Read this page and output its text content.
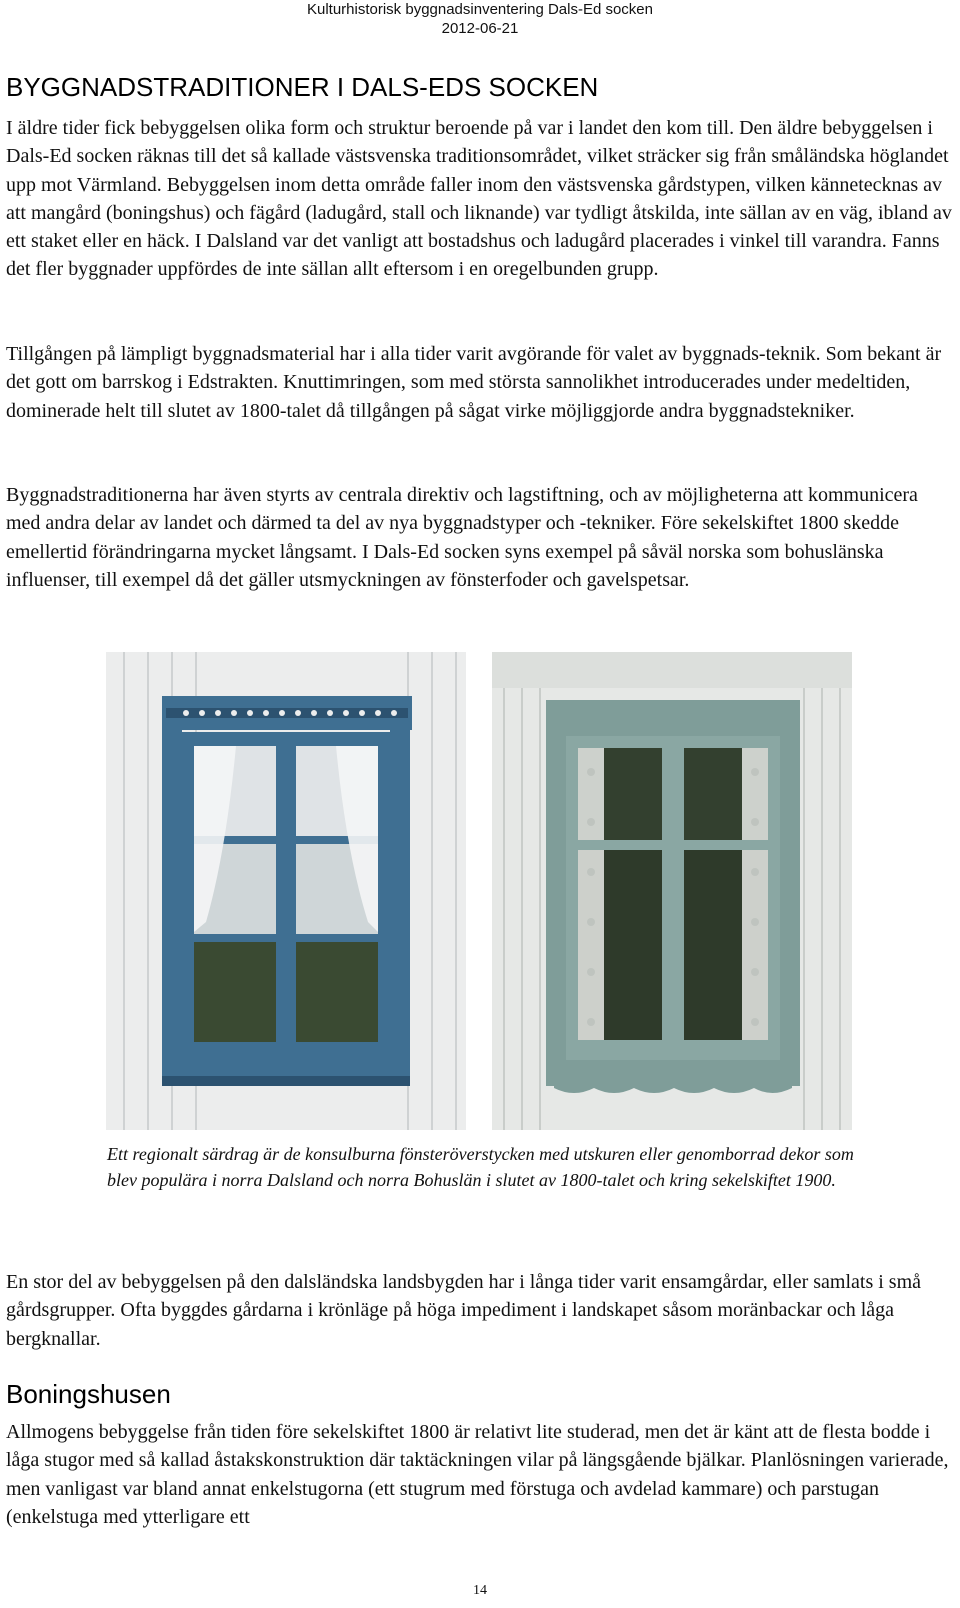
Kulturhistorisk byggnadsinventering Dals-Ed socken
2012-06-21
BYGGNADSTRADITIONER I DALS-EDS SOCKEN

I äldre tider fick bebyggelsen olika form och struktur beroende på var i landet den kom till. Den äldre bebyggelsen i Dals-Ed socken räknas till det så kallade västsvenska traditionsområdet, vilket sträcker sig från småländska höglandet upp mot Värmland. Bebyggelsen inom detta område faller inom den västsvenska gårdstypen, vilken kännetecknas av att mangård (boningshus) och fägård (ladugård, stall och liknande) var tydligt åtskilda, inte sällan av en väg, ibland av ett staket eller en häck. I Dalsland var det vanligt att bostadshus och ladugård placerades i vinkel till varandra. Fanns det fler byggnader uppfördes de inte sällan allt eftersom i en oregelbunden grupp.

Tillgången på lämpligt byggnadsmaterial har i alla tider varit avgörande för valet av byggnads-teknik. Som bekant är det gott om barrskog i Edstrakten. Knuttimringen, som med största sannolikhet introducerades under medeltiden, dominerade helt till slutet av 1800-talet då tillgången på sågat virke möjliggjorde andra byggnadstekniker.

Byggnadstraditionerna har även styrts av centrala direktiv och lagstiftning, och av möjligheterna att kommunicera med andra delar av landet och därmed ta del av nya byggnadstyper och -tekniker. Före sekelskiftet 1800 skedde emellertid förändringarna mycket långsamt. I Dals-Ed socken syns exempel på såväl norska som bohuslänska influenser, till exempel då det gäller utsmyckningen av fönsterfoder och gavelspetsar.

Ett regionalt särdrag är de konsulburna fönsteröverstycken med utskuren eller genomborrad dekor som blev populära i norra Dalsland och norra Bohuslän i slutet av 1800-talet och kring sekelskiftet 1900.

En stor del av bebyggelsen på den dalsländska landsbygden har i långa tider varit ensamgårdar, eller samlats i små gårdsgrupper. Ofta byggdes gårdarna i krönläge på höga impediment i landskapet såsom moränbackar och låga bergknallar.

Boningshusen

Allmogens bebyggelse från tiden före sekelskiftet 1800 är relativt lite studerad, men det är känt att de flesta bodde i låga stugor med så kallad åstakskonstruktion där taktäckningen vilar på längsgående bjälkar. Planlösningen varierade, men vanligast var bland annat enkelstugorna (ett stugrum med förstuga och avdelad kammare) och parstugan (enkelstuga med ytterligare ett

14
